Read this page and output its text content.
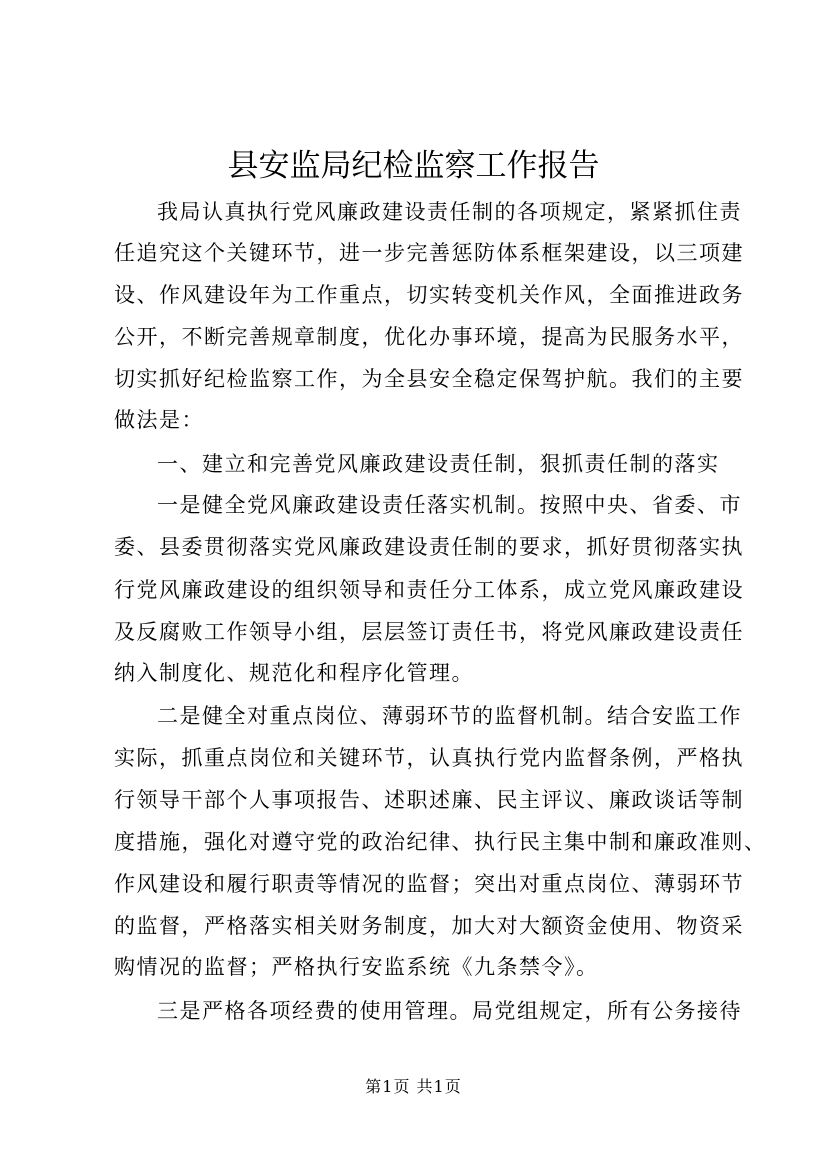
县安监局纪检监察工作报告
我局认真执行党风廉政建设责任制的各项规定，紧紧抓住责
任追究这个关键环节，进一步完善惩防体系框架建设，以三项建
设、作风建设年为工作重点，切实转变机关作风，全面推进政务
公开，不断完善规章制度，优化办事环境，提高为民服务水平，
切实抓好纪检监察工作，为全县安全稳定保驾护航。我们的主要
做法是：
一、建立和完善党风廉政建设责任制，狠抓责任制的落实
一是健全党风廉政建设责任落实机制。按照中央、省委、市
委、县委贯彻落实党风廉政建设责任制的要求，抓好贯彻落实执
行党风廉政建设的组织领导和责任分工体系，成立党风廉政建设
及反腐败工作领导小组，层层签订责任书，将党风廉政建设责任
纳入制度化、规范化和程序化管理。
二是健全对重点岗位、薄弱环节的监督机制。结合安监工作
实际，抓重点岗位和关键环节，认真执行党内监督条例，严格执
行领导干部个人事项报告、述职述廉、民主评议、廉政谈话等制
度措施，强化对遵守党的政治纪律、执行民主集中制和廉政准则、
作风建设和履行职责等情况的监督；突出对重点岗位、薄弱环节
的监督，严格落实相关财务制度，加大对大额资金使用、物资采
购情况的监督；严格执行安监系统《九条禁令》。
三是严格各项经费的使用管理。局党组规定，所有公务接待
第1页 共1页
